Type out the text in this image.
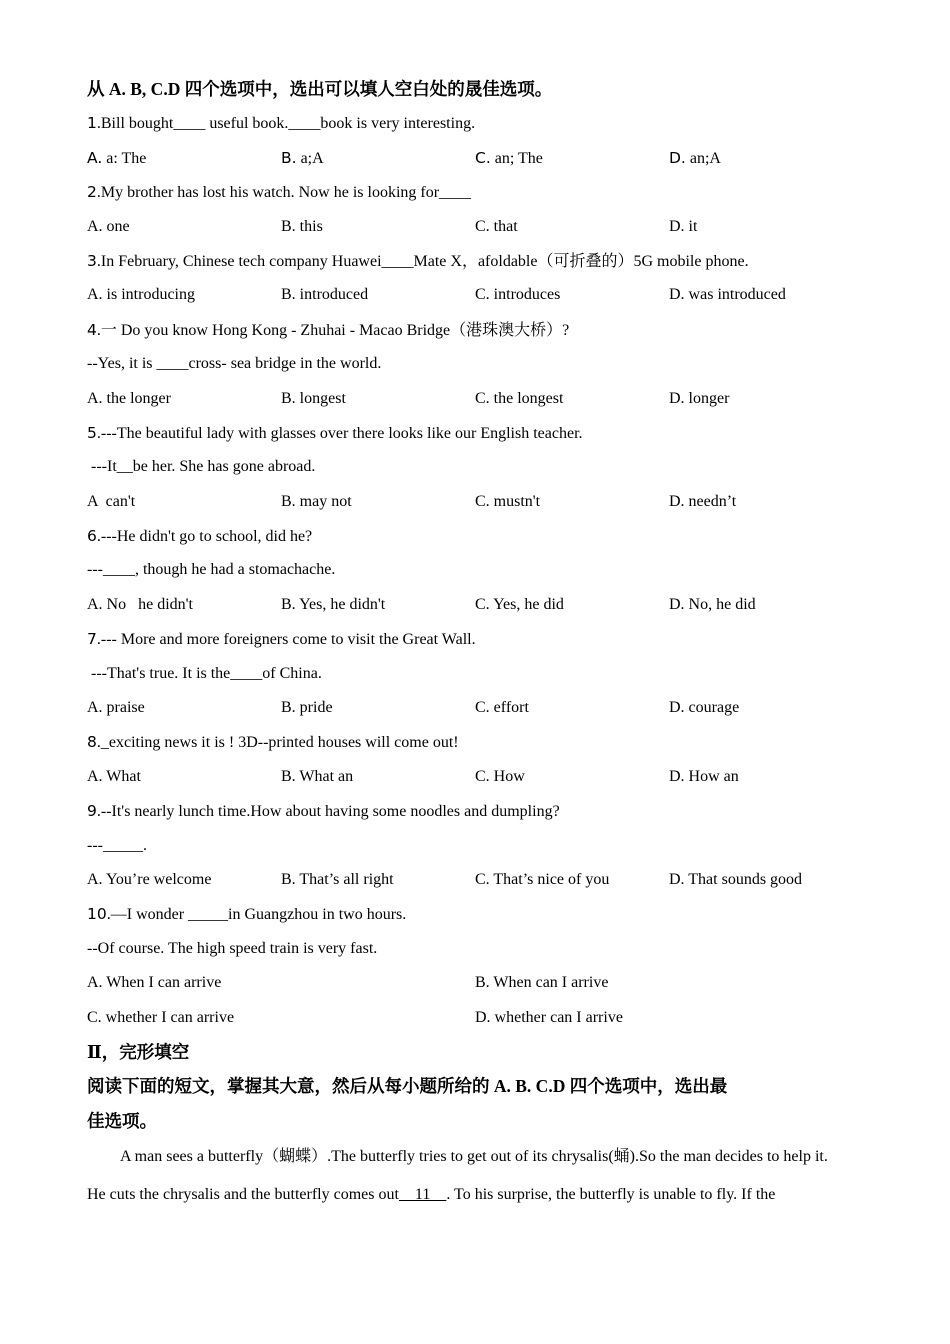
从 A. B, C.D 四个选项中，选出可以填人空白处的晟佳选项。
1.Bill bought____ useful book.____book is very interesting.
A. a: The	B. a;A	C. an; The	D. an;A
2.My brother has lost his watch. Now he is looking for____
A. one	B. this	C. that	D. it
3.In February, Chinese tech company Huawei____Mate X，afoldable（可折叠的）5G mobile phone.
A. is introducing	B. introduced	C. introduces	D. was introduced
4.一 Do you know Hong Kong - Zhuhai - Macao Bridge（港珠澳大桥）?
--Yes, it is ____cross- sea bridge in the world.
A. the longer	B. longest	C. the longest	D. longer
5.---The beautiful lady with glasses over there looks like our English teacher.
---It__be her. She has gone abroad.
A  can't	B. may not	C. mustn't	D. needn’t
6.---He didn't go to school, did he?
---____, though he had a stomachache.
A. No   he didn't	B. Yes, he didn't	C. Yes, he did	D. No, he did
7.--- More and more foreigners come to visit the Great Wall.
---That's true. It is the____of China.
A. praise	B. pride	C. effort	D. courage
8._exciting news it is ! 3D--printed houses will come out!
A. What	B. What an	C. How	D. How an
9.--It's nearly lunch time.How about having some noodles and dumpling?
---_____.
A. You’re welcome	B. That’s all right	C. That’s nice of you	D. That sounds good
10.—I wonder _____in Guangzhou in two hours.
--Of course. The high speed train is very fast.
A. When I can arrive	B. When can I arrive
C. whether I can arrive	D. whether can I arrive
Ⅱ，完形填空
阅读下面的短文，掌握其大意，然后从每小题所给的 A. B. C.D 四个选项中，选出最
佳选项。
A man sees a butterfly（蝴蝶）.The butterfly tries to get out of its chrysalis(蛹).So the man decides to help it.
He cuts the chrysalis and the butterfly comes out    11    . To his surprise, the butterfly is unable to fly. If the
